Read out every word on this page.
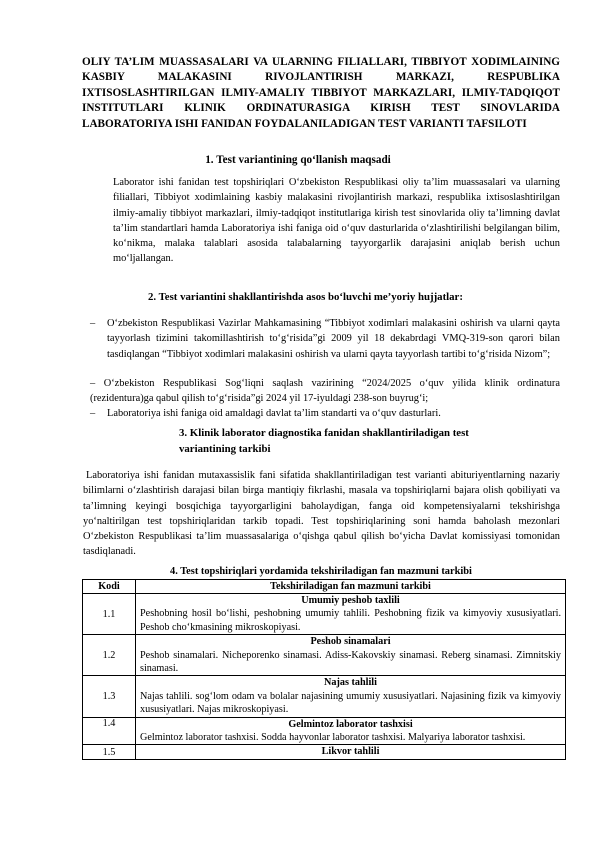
OLIY TA’LIM MUASSASALARI VA ULARNING FILIALLARI, TIBBIYOT XODIMLAINING KASBIY MALAKASINI RIVOJLANTIRISH MARKAZI, RESPUBLIKA IXTISOSLASHTIRILGAN ILMIY-AMALIY TIBBIYOT MARKAZLARI, ILMIY-TADQIQOT INSTITUTLARI KLINIK ORDINATURASIGA KIRISH TEST SINOVLARIDA LABORATORIYA ISHI FANIDAN FOYDALANILADIGAN TEST VARIANTI TAFSILOTI
1. Test variantining qo‘llanish maqsadi
Laborator ishi fanidan test topshiriqlari O‘zbekiston Respublikasi oliy ta’lim muassasalari va ularning filiallari, Tibbiyot xodimlaining kasbiy malakasini rivojlantirish markazi, respublika ixtisoslashtirilgan ilmiy-amaliy tibbiyot markazlari, ilmiy-tadqiqot institutlariga kirish test sinovlarida oliy ta’limning davlat ta’lim standartlari hamda Laboratoriya ishi faniga oid o‘quv dasturlarida o‘zlashtirilishi belgilangan bilim, ko‘nikma, malaka talablari asosida talabalarning tayyorgarlik darajasini aniqlab berish uchun mo‘ljallangan.
2. Test variantini shakllantirishda asos bo‘luvchi me’yoriy hujjatlar:
– O‘zbekiston Respublikasi Vazirlar Mahkamasining “Tibbiyot xodimlari malakasini oshirish va ularni qayta tayyorlash tizimini takomillashtirish to‘g‘risida”gi 2009 yil 18 dekabrdagi VMQ-319-son qarori bilan tasdiqlangan “Tibbiyot xodimlari malakasini oshirish va ularni qayta tayyorlash tartibi to‘g‘risida Nizom”;
– O‘zbekiston Respublikasi Sog‘liqni saqlash vazirining “2024/2025 o‘quv yilida klinik ordinatura (rezidentura)ga qabul qilish to‘g‘risida”gi 2024 yil 17-iyuldagi 238-son buyrug‘i;
– Laboratoriya ishi faniga oid amaldagi davlat ta’lim standarti va o‘quv dasturlari.
3. Klinik laborator diagnostika fanidan shakllantiriladigan test variantining tarkibi
Laboratoriya ishi fanidan mutaxassislik fani sifatida shakllantiriladigan test varianti abituriyentlarning nazariy bilimlarni o‘zlashtirish darajasi bilan birga mantiqiy fikrlashi, masala va topshiriqlarni bajara olish qobiliyati va ta’limning keyingi bosqichiga tayyorgarligini baholaydigan, fanga oid kompetensiyalarni tekshirishga yo‘naltirilgan test topshiriqlaridan tarkib topadi. Test topshiriqlarining soni hamda baholash mezonlari O‘zbekiston Respublikasi ta’lim muassasalariga o‘qishga qabul qilish bo‘yicha Davlat komissiyasi tomonidan tasdiqlanadi.
4. Test topshiriqlari yordamida tekshiriladigan fan mazmuni tarkibi
Kodi	Tekshiriladigan fan mazmuni tarkibi
1.1	Umumiy peshob taxlili
Peshobning hosil bo‘lishi, peshobning umumiy tahlili. Peshobning fizik va kimyoviy xususiyatlari. Peshob cho‘kmasining mikroskopiyasi.

1.2	Peshob sinamalari
Peshob sinamalari. Nicheporenko sinamasi. Adiss-Kakovskiy sinamasi. Reberg sinamasi. Zimnitskiy sinamasi.

1.3	Najas tahlili
Najas tahlili. sog‘lom odam va bolalar najasining umumiy xususiyatlari. Najasining fizik va kimyoviy xususiyatlari. Najas mikroskopiyasi.

1.4	Gelmintoz laborator tashxisi
Gelmintoz laborator tashxisi. Sodda hayvonlar laborator tashxisi. Malyariya laborator tashxisi.

1.5	Likvor tahlili
